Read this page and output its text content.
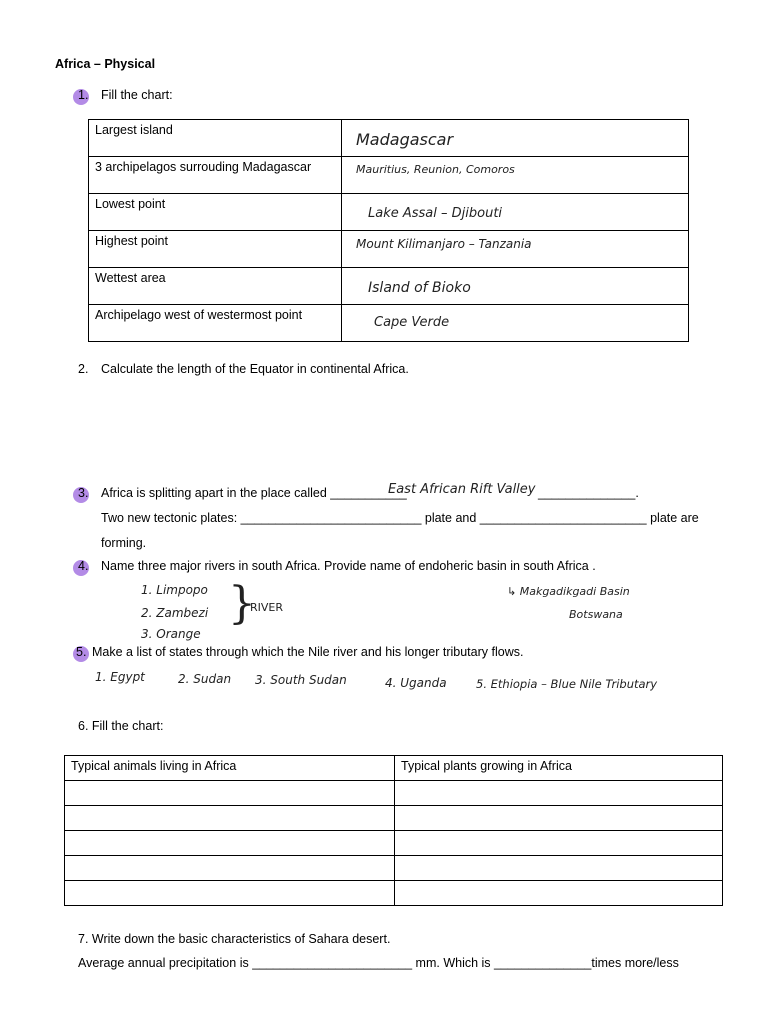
Africa – Physical
1. Fill the chart:
Largest island	Madagascar

3 archipelagos surrouding Madagascar	Mauritius, Reunion, Comoros

Lowest point	Lake Assal – Djibouti

Highest point	Mount Kilimanjaro – Tanzania

Wettest area	Island of Bioko

Archipelago west of westermost point	Cape Verde
2. Calculate the length of the Equator in continental Africa.
3. Africa is splitting apart in the place called ___________
East African Rift Valley ______________.
Two new tectonic plates: __________________________ plate and ________________________ plate are
forming.
4. Name three major rivers in south Africa. Provide name of endoheric basin in south Africa .
1. Limpopo
2. Zambezi
3. Orange
}
RIVER
↳ Makgadikgadi Basin
Botswana
5. Make a list of states through which the Nile river and his longer tributary flows.
1. Egypt	2. Sudan 3. South Sudan	4. Uganda	5. Ethiopia – Blue Nile Tributary
6. Fill the chart:
Typical animals living in Africa	Typical plants growing in Africa

7. Write down the basic characteristics of Sahara desert.
Average annual precipitation is _______________________ mm. Which is ______________times more/less
